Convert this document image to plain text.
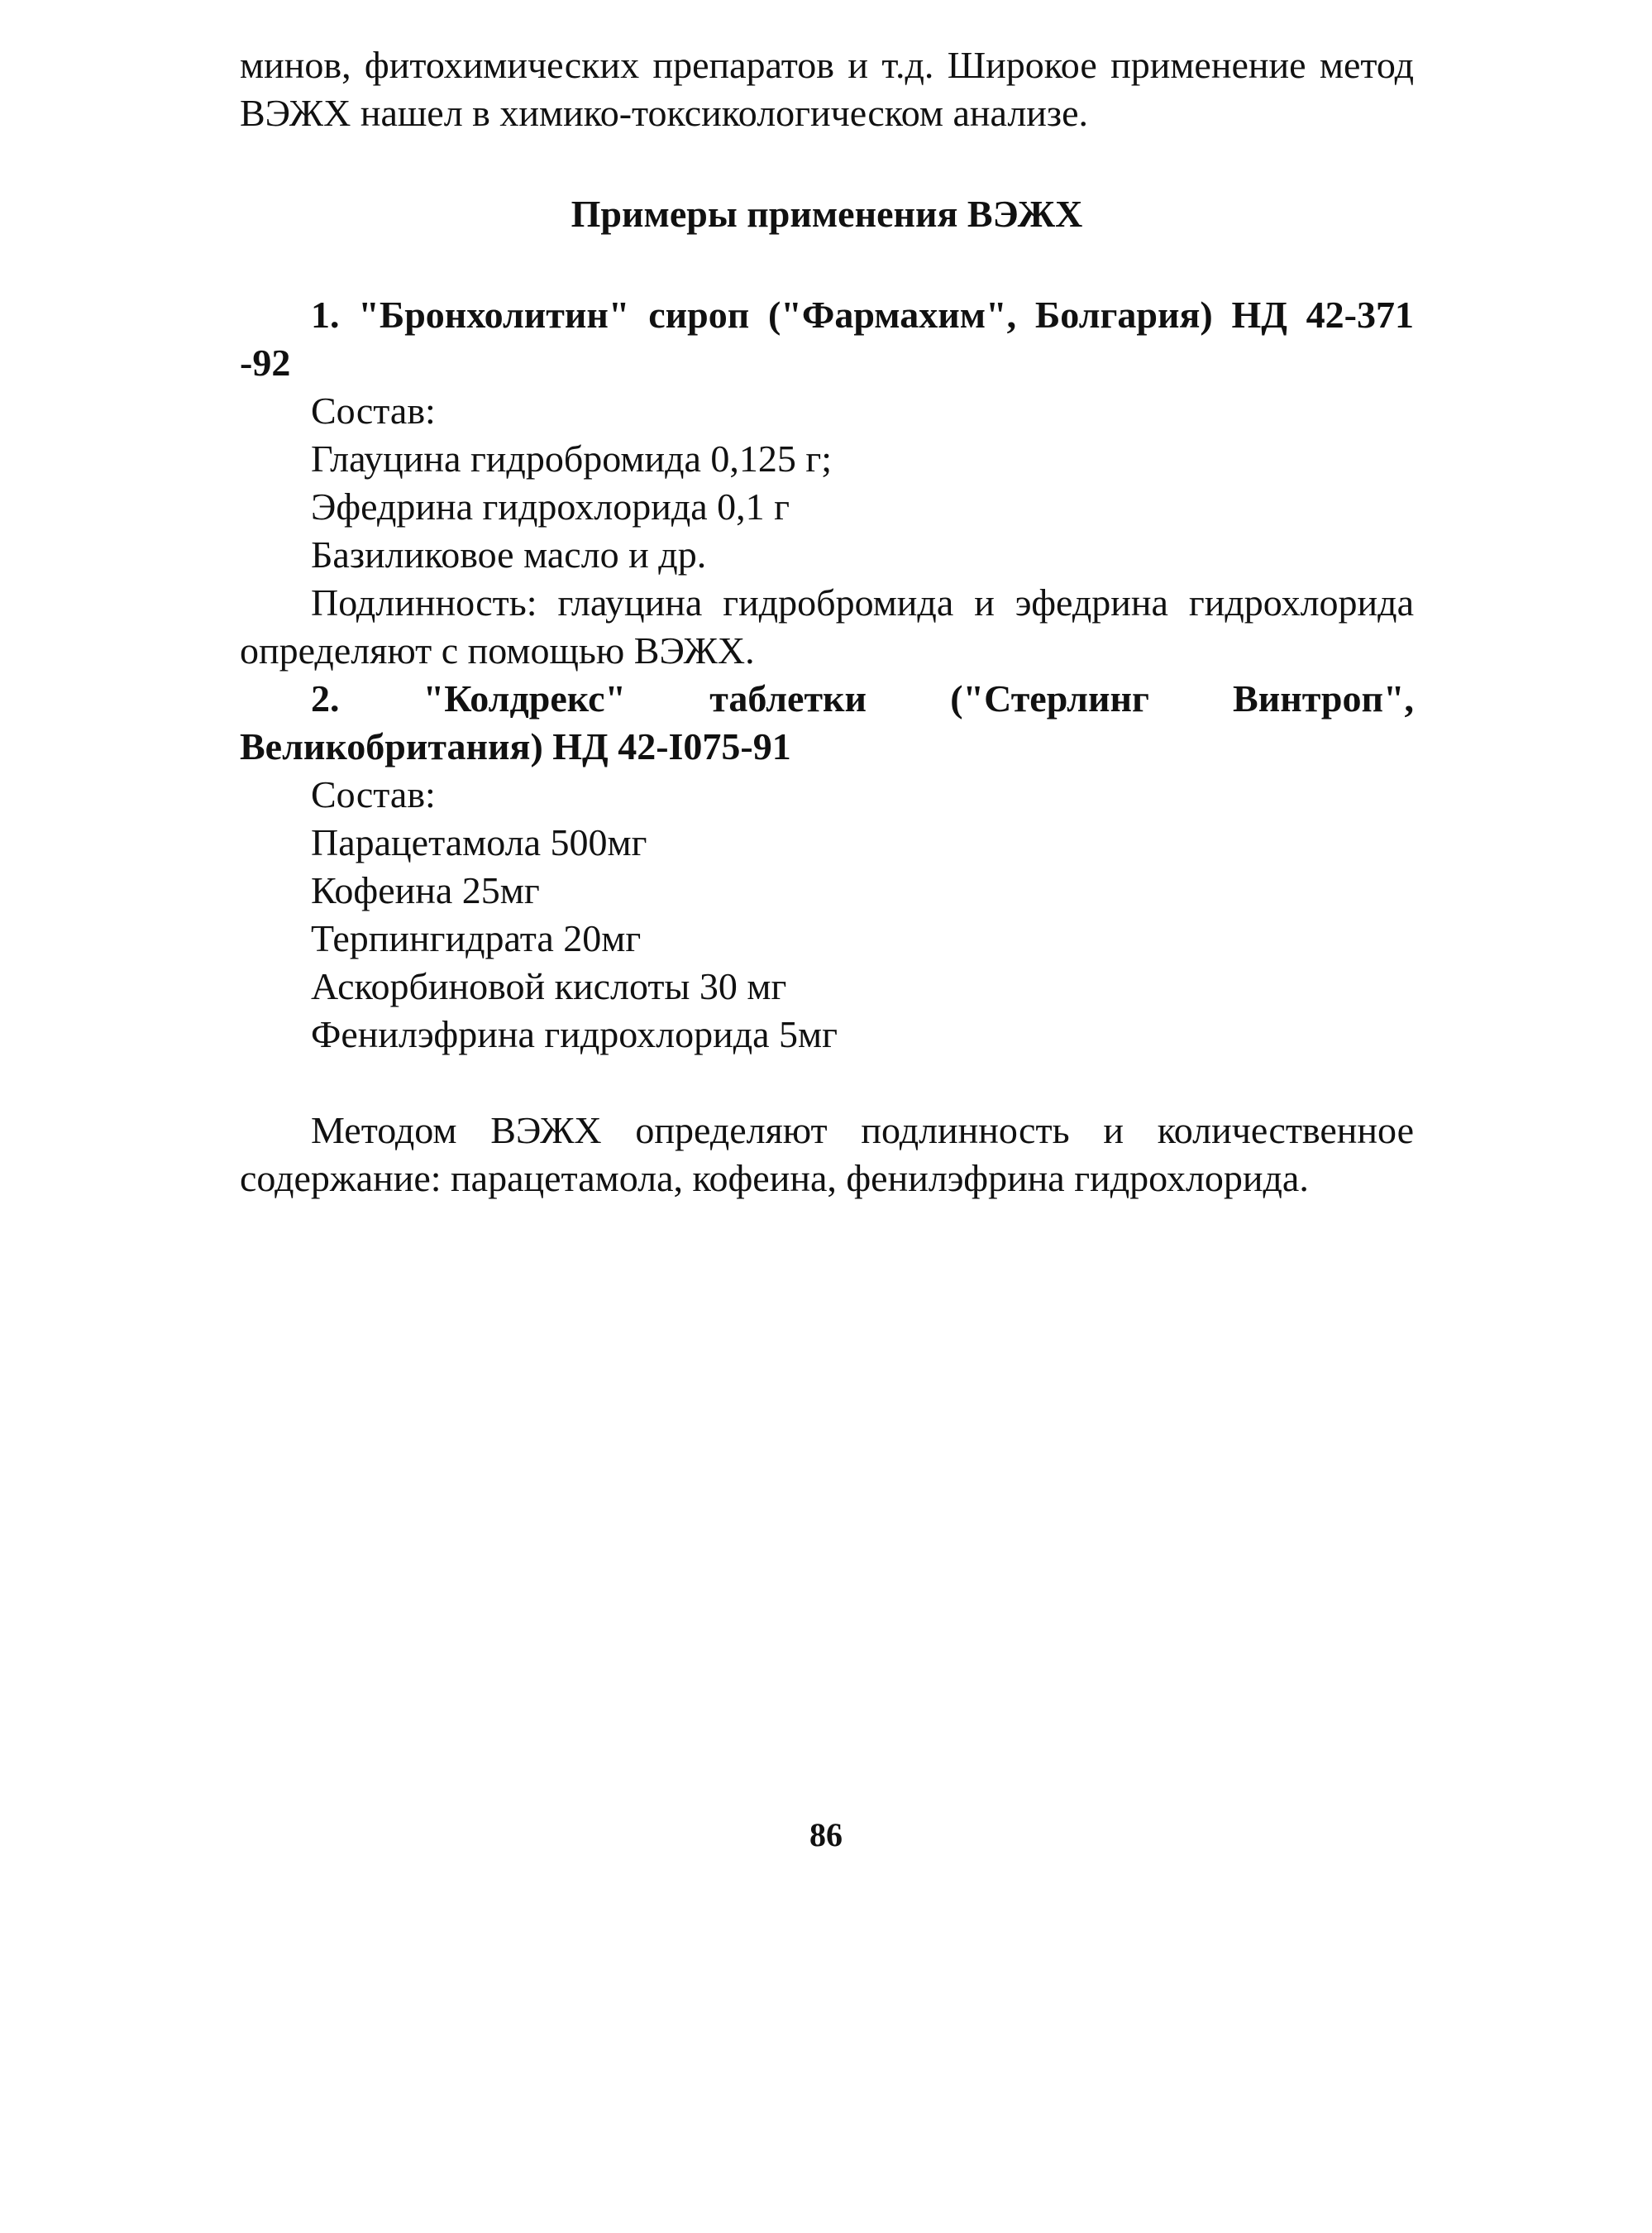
минов, фитохимических препаратов и т.д. Широкое применение метод ВЭЖХ нашел в химико-токсикологическом анализе.

Примеры применения ВЭЖХ

1. "Бронхолитин" сироп ("Фармахим", Болгария) НД 42-371 -92

Состав:

Глауцина гидробромида 0,125 г;

Эфедрина гидрохлорида 0,1 г

Базиликовое масло и др.

Подлинность: глауцина гидробромида и эфедрина гидрохлорида определяют с помощью ВЭЖХ.

2. "Колдрекс" таблетки ("Стерлинг Винтроп", Великобритания) НД 42-I075-91

Состав:

Парацетамола 500мг

Кофеина 25мг

Терпингидрата 20мг

Аскорбиновой кислоты 30 мг

Фенилэфрина гидрохлорида 5мг

Методом ВЭЖХ определяют подлинность и количественное содержание: парацетамола, кофеина, фенилэфрина гидрохлорида.

86
